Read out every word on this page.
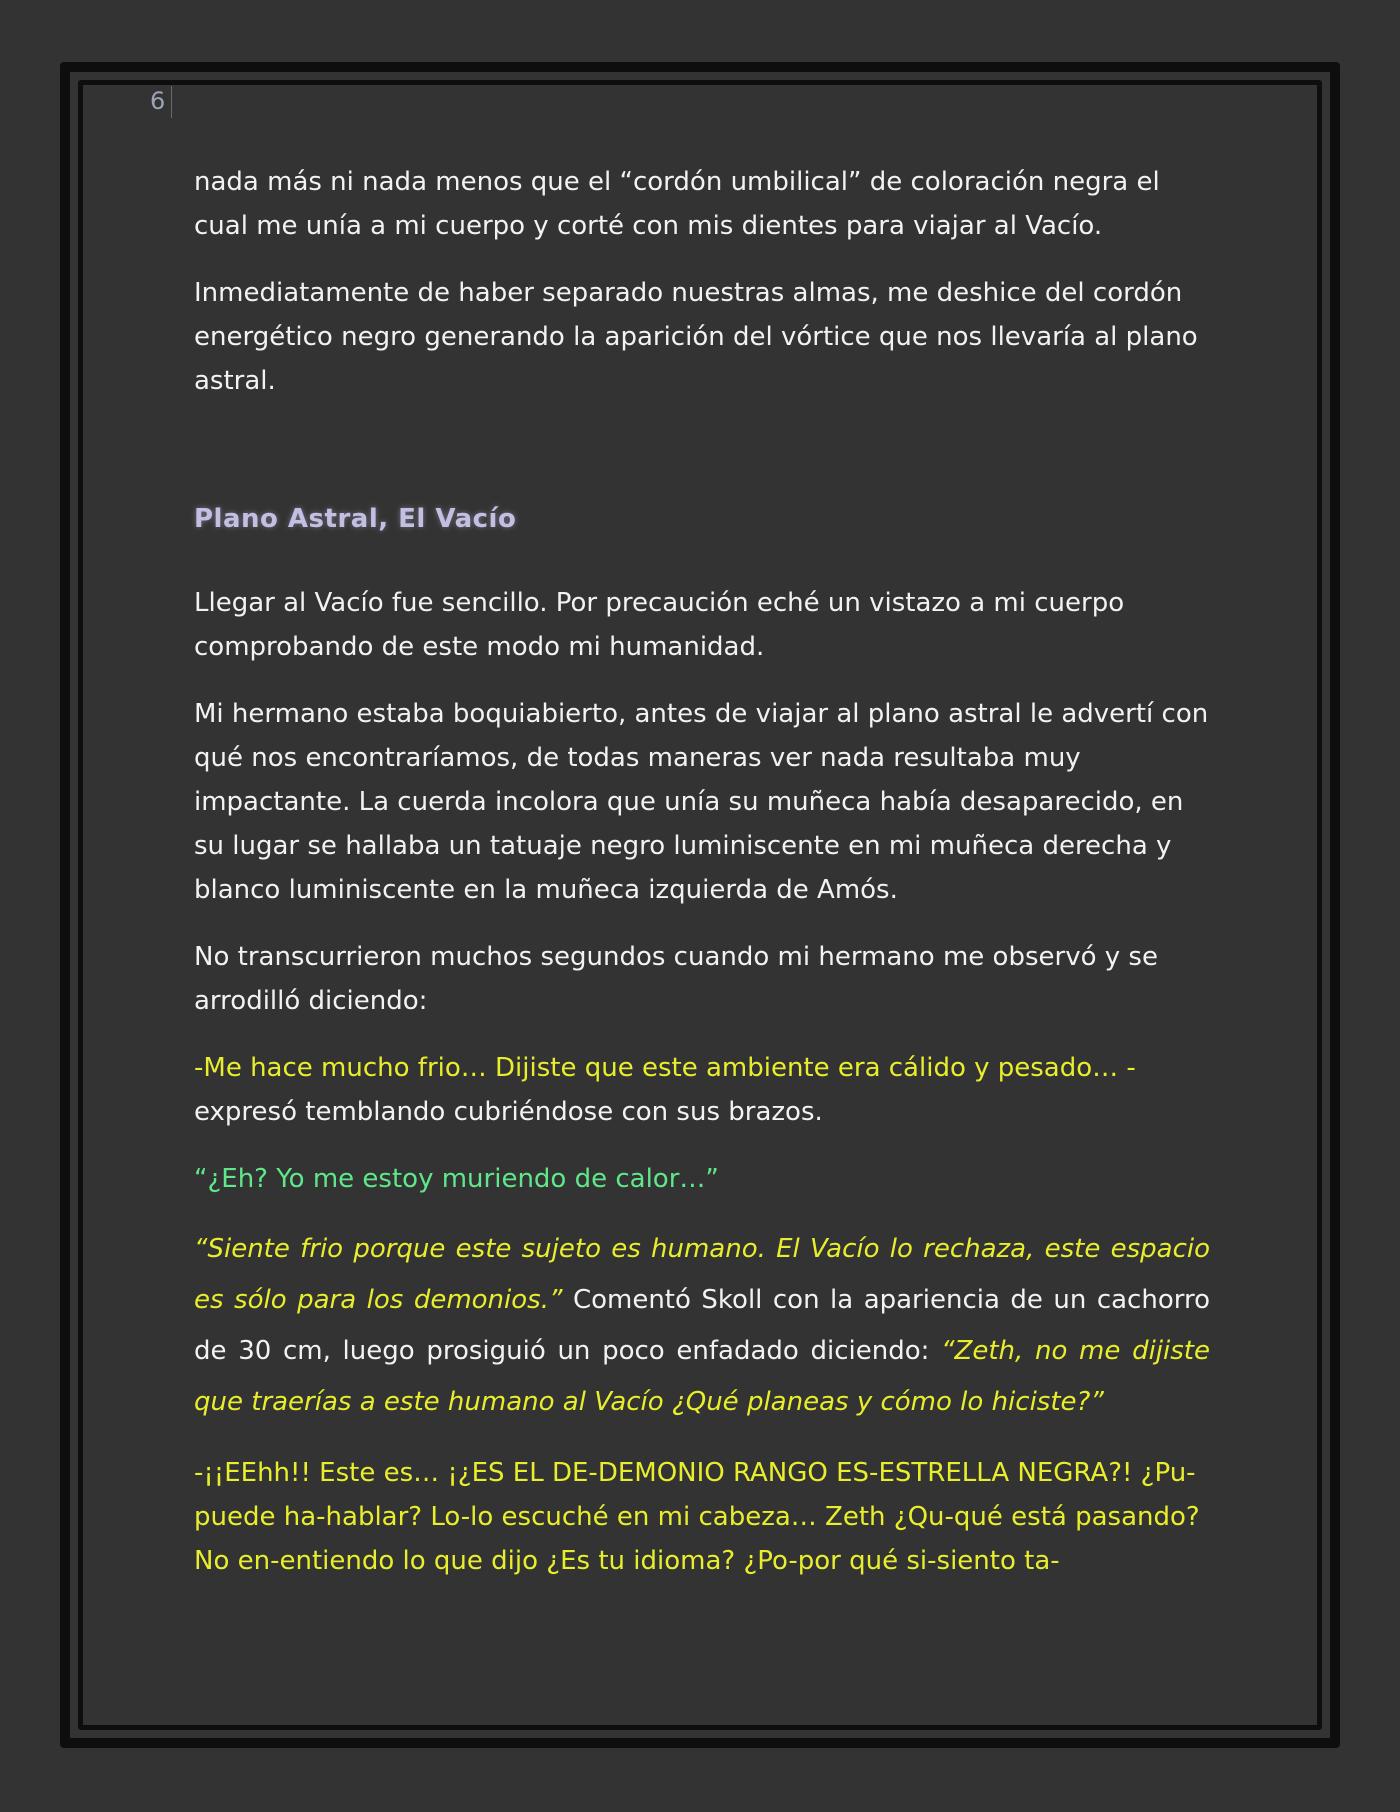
6

nada más ni nada menos que el “cordón umbilical” de coloración negra el cual me unía a mi cuerpo y corté con mis dientes para viajar al Vacío.

Inmediatamente de haber separado nuestras almas, me deshice del cordón energético negro generando la aparición del vórtice que nos llevaría al plano astral.

Plano Astral, El Vacío

Llegar al Vacío fue sencillo. Por precaución eché un vistazo a mi cuerpo comprobando de este modo mi humanidad.

Mi hermano estaba boquiabierto, antes de viajar al plano astral le advertí con qué nos encontraríamos, de todas maneras ver nada resultaba muy impactante. La cuerda incolora que unía su muñeca había desaparecido, en su lugar se hallaba un tatuaje negro luminiscente en mi muñeca derecha y blanco luminiscente en la muñeca izquierda de Amós.

No transcurrieron muchos segundos cuando mi hermano me observó y se arrodilló diciendo:

-Me hace mucho frio… Dijiste que este ambiente era cálido y pesado… -
expresó temblando cubriéndose con sus brazos.

“¿Eh? Yo me estoy muriendo de calor…”

“Siente frio porque este sujeto es humano. El Vacío lo rechaza, este espacio es sólo para los demonios.” Comentó Skoll con la apariencia de un cachorro de 30 cm, luego prosiguió un poco enfadado diciendo: “Zeth, no me dijiste que traerías a este humano al Vacío ¿Qué planeas y cómo lo hiciste?”

-¡¡EEhh!! Este es… ¡¿ES EL DE-DEMONIO RANGO ES-ESTRELLA NEGRA?! ¿Pu-puede ha-hablar? Lo-lo escuché en mi cabeza… Zeth ¿Qu-qué está pasando? No en-entiendo lo que dijo ¿Es tu idioma? ¿Po-por qué si-siento ta-
